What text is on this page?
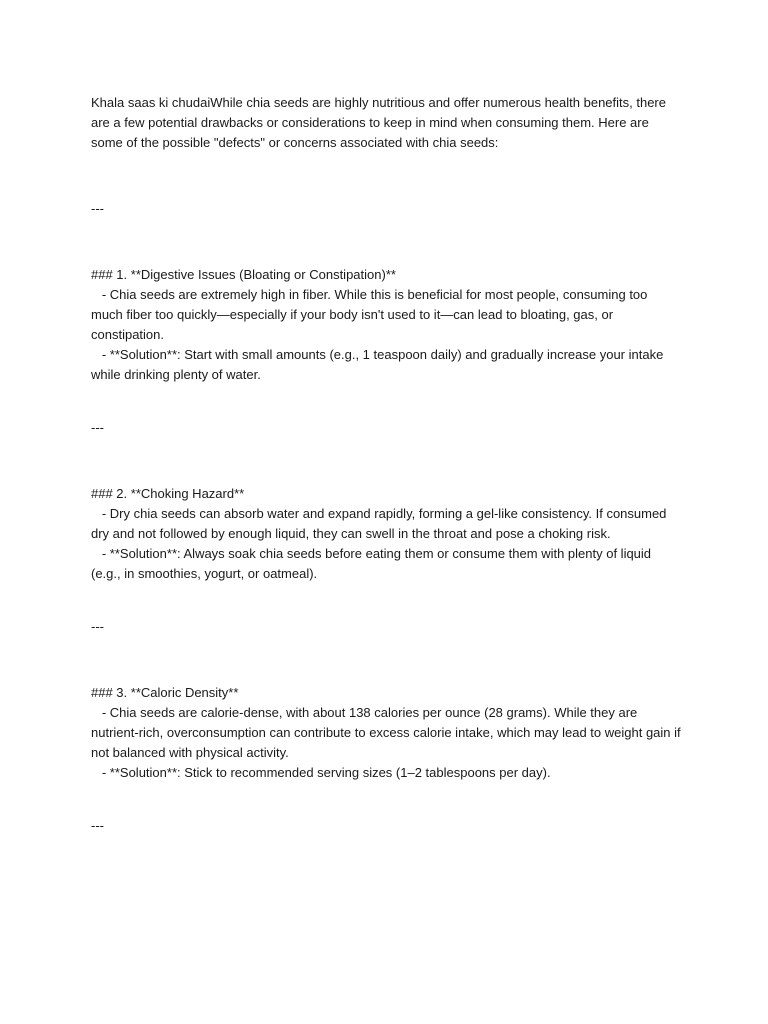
Khala saas ki chudaiWhile chia seeds are highly nutritious and offer numerous health benefits, there are a few potential drawbacks or considerations to keep in mind when consuming them. Here are some of the possible "defects" or concerns associated with chia seeds:

---

### 1. **Digestive Issues (Bloating or Constipation)**

- Chia seeds are extremely high in fiber. While this is beneficial for most people, consuming too much fiber too quickly—especially if your body isn't used to it—can lead to bloating, gas, or constipation.

- **Solution**: Start with small amounts (e.g., 1 teaspoon daily) and gradually increase your intake while drinking plenty of water.

---

### 2. **Choking Hazard**

- Dry chia seeds can absorb water and expand rapidly, forming a gel-like consistency. If consumed dry and not followed by enough liquid, they can swell in the throat and pose a choking risk.

- **Solution**: Always soak chia seeds before eating them or consume them with plenty of liquid (e.g., in smoothies, yogurt, or oatmeal).

---

### 3. **Caloric Density**

- Chia seeds are calorie-dense, with about 138 calories per ounce (28 grams). While they are nutrient-rich, overconsumption can contribute to excess calorie intake, which may lead to weight gain if not balanced with physical activity.

- **Solution**: Stick to recommended serving sizes (1–2 tablespoons per day).

---
